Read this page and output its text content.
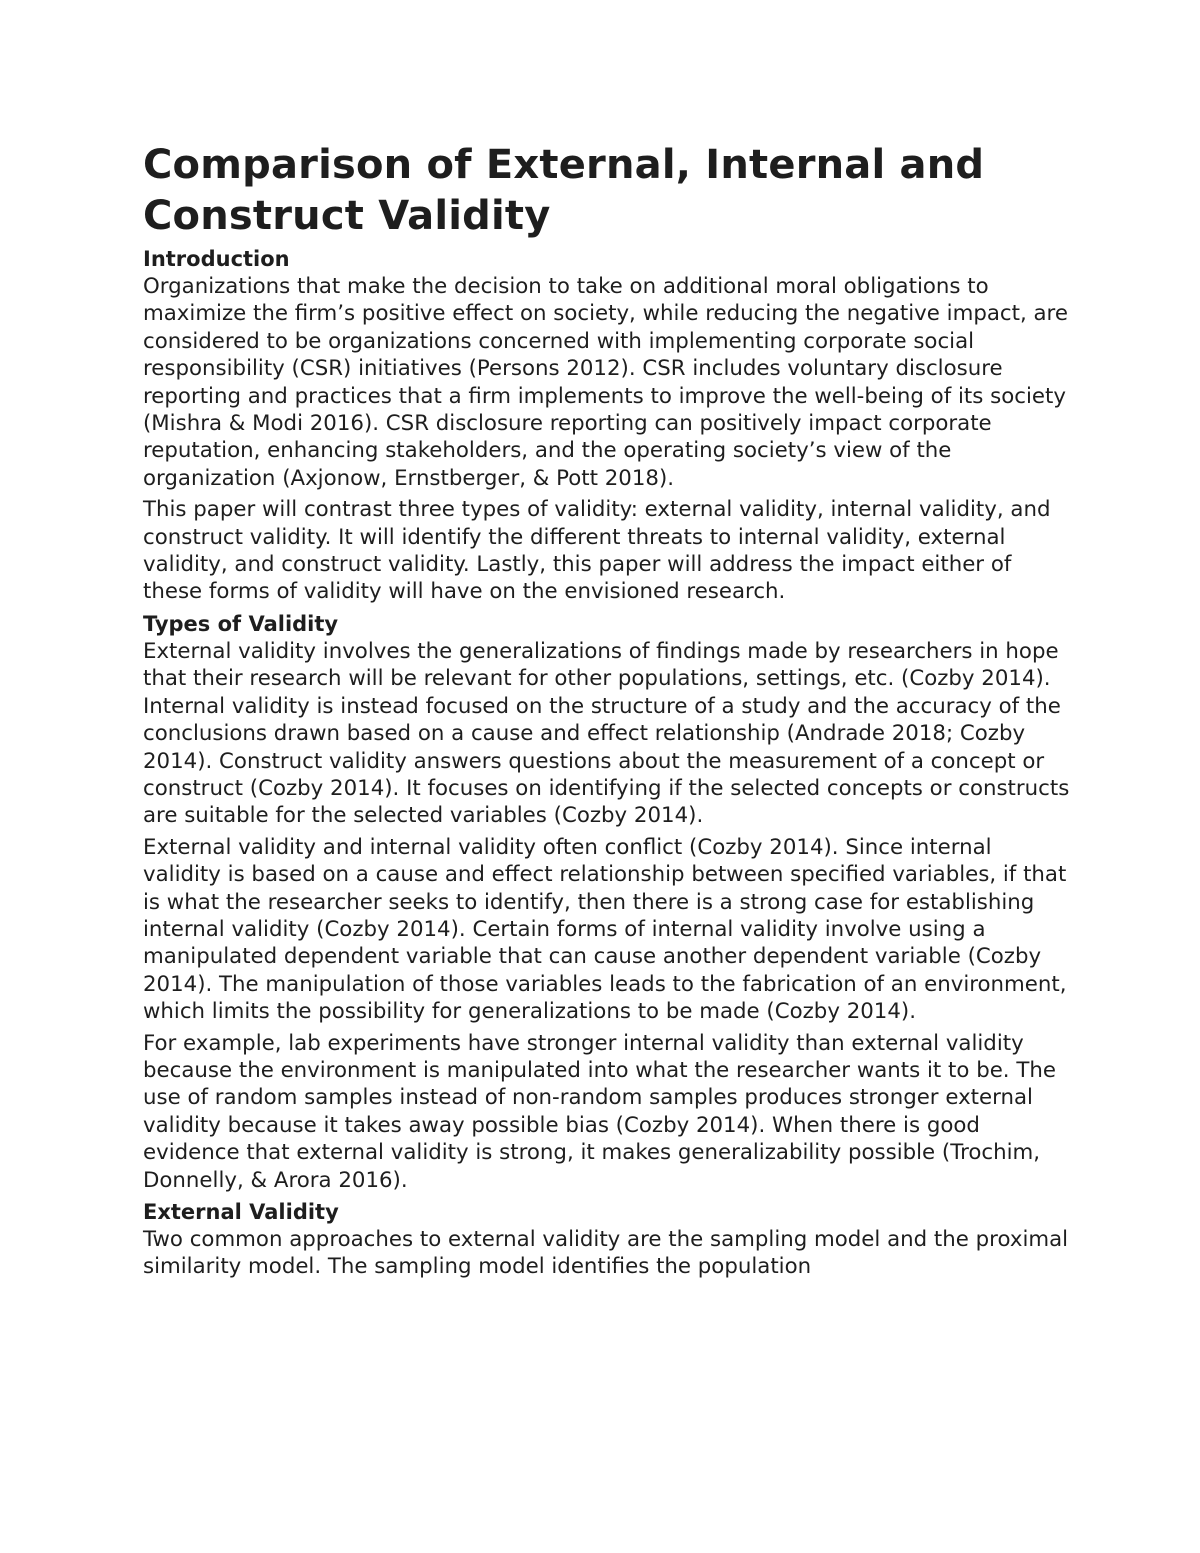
Comparison of External, Internal and Construct Validity
Introduction

Organizations that make the decision to take on additional moral obligations to maximize the firm’s positive effect on society, while reducing the negative impact, are considered to be organizations concerned with implementing corporate social responsibility (CSR) initiatives (Persons 2012). CSR includes voluntary disclosure reporting and practices that a firm implements to improve the well-being of its society (Mishra & Modi 2016). CSR disclosure reporting can positively impact corporate reputation, enhancing stakeholders, and the operating society’s view of the organization (Axjonow, Ernstberger, & Pott 2018).

This paper will contrast three types of validity: external validity, internal validity, and construct validity. It will identify the different threats to internal validity, external validity, and construct validity. Lastly, this paper will address the impact either of these forms of validity will have on the envisioned research.

Types of Validity

External validity involves the generalizations of findings made by researchers in hope that their research will be relevant for other populations, settings, etc. (Cozby 2014). Internal validity is instead focused on the structure of a study and the accuracy of the conclusions drawn based on a cause and effect relationship (Andrade 2018; Cozby 2014). Construct validity answers questions about the measurement of a concept or construct (Cozby 2014). It focuses on identifying if the selected concepts or constructs are suitable for the selected variables (Cozby 2014).

External validity and internal validity often conflict (Cozby 2014). Since internal validity is based on a cause and effect relationship between specified variables, if that is what the researcher seeks to identify, then there is a strong case for establishing internal validity (Cozby 2014). Certain forms of internal validity involve using a manipulated dependent variable that can cause another dependent variable (Cozby 2014). The manipulation of those variables leads to the fabrication of an environment, which limits the possibility for generalizations to be made (Cozby 2014).

For example, lab experiments have stronger internal validity than external validity because the environment is manipulated into what the researcher wants it to be. The use of random samples instead of non-random samples produces stronger external validity because it takes away possible bias (Cozby 2014). When there is good evidence that external validity is strong, it makes generalizability possible (Trochim, Donnelly, & Arora 2016).

External Validity

Two common approaches to external validity are the sampling model and the proximal similarity model. The sampling model identifies the population
